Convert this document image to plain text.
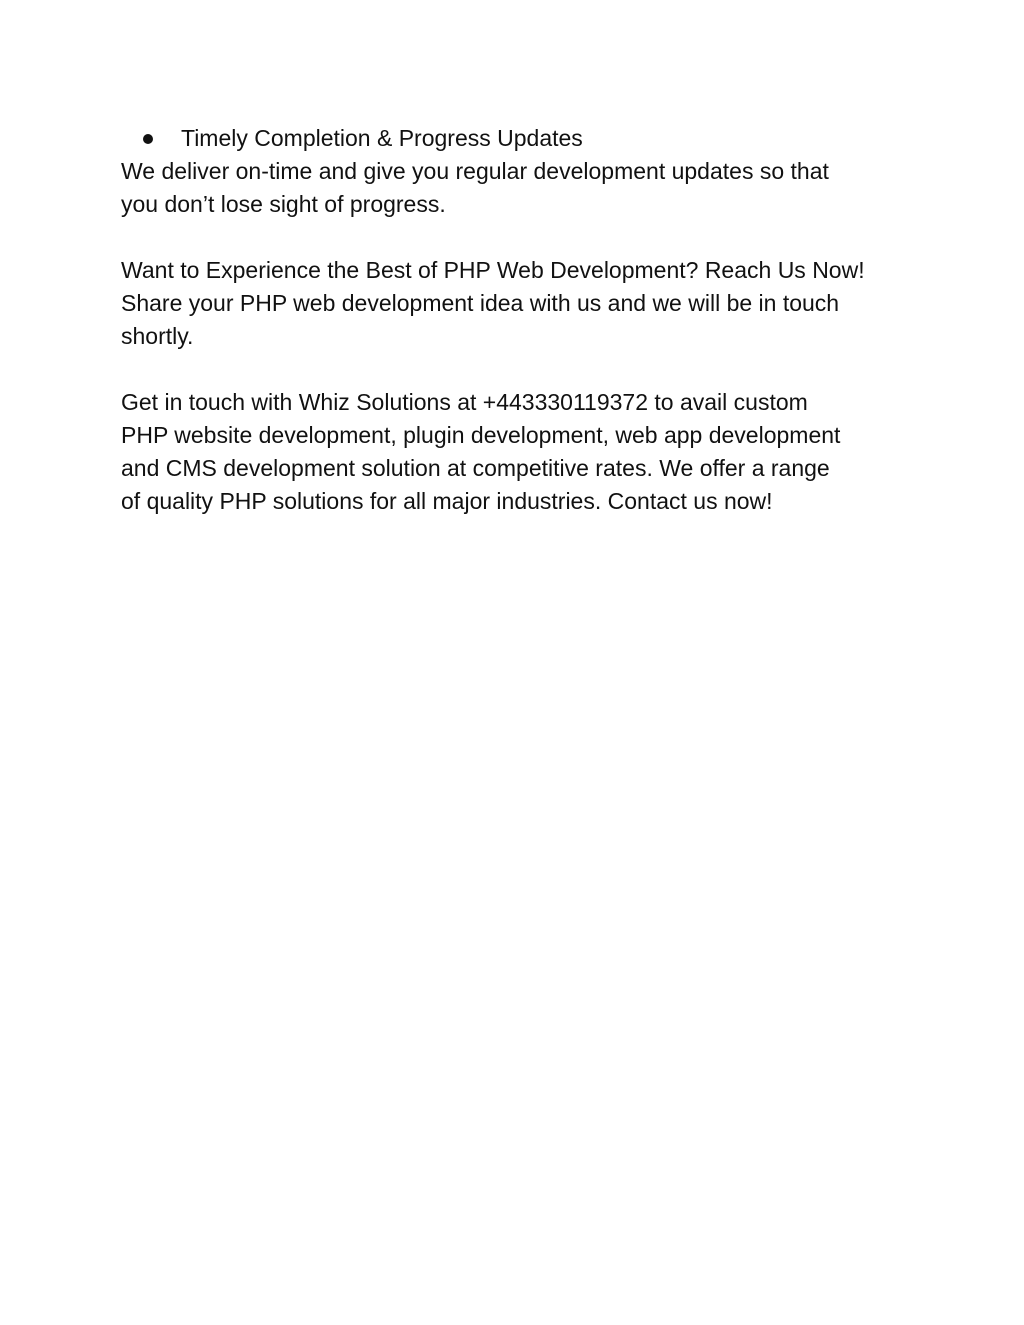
Timely Completion & Progress Updates

We deliver on-time and give you regular development updates so that
you don’t lose sight of progress.

Want to Experience the Best of PHP Web Development? Reach Us Now!
Share your PHP web development idea with us and we will be in touch
shortly.

Get in touch with Whiz Solutions at +443330119372 to avail custom
PHP website development, plugin development, web app development
and CMS development solution at competitive rates. We offer a range
of quality PHP solutions for all major industries. Contact us now!
